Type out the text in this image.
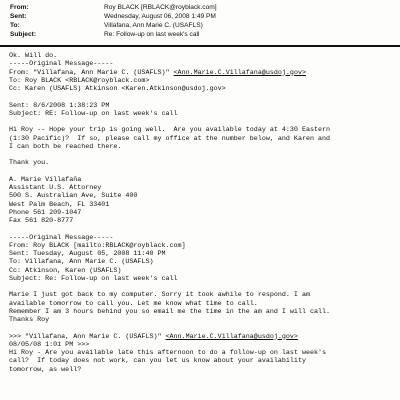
From:	Roy BLACK [RBLACK@royblack.com]
Sent:	Wednesday, August 06, 2008 1:49 PM
To:	Villafana, Ann Marie C. (USAFLS)
Subject:	Re: Follow-up on last week's call
Ok. Will do.
-----Original Message-----
From: "Villafana, Ann Marie C. (USAFLS)" <Ann.Marie.C.Villafana@usdoj.gov>
To: Roy BLACK <RBLACK@royblack.com>
Cc: Karen (USAFLS) Atkinson <Karen.Atkinson@usdoj.gov>
Sent: 8/6/2008 1:38:23 PM
Subject: RE: Follow-up on last week's call
Hi Roy -- Hope your trip is going well.  Are you available today at 4:30 Eastern
(1:30 Pacific)?  If so, please call my office at the number below, and Karen and
I can both be reached there.
Thank you.
A. Marie Villafaña
Assistant U.S. Attorney
500 S. Australian Ave, Suite 400
West Palm Beach, FL 33401
Phone 561 209-1047
Fax 561 820-8777
-----Original Message-----
From: Roy BLACK [mailto:RBLACK@royblack.com]
Sent: Tuesday, August 05, 2008 11:40 PM
To: Villafana, Ann Marie C. (USAFLS)
Cc: Atkinson, Karen (USAFLS)
Subject: Re: Follow-up on last week's call
Marie I just got back to my computer. Sorry it took awhile to respond. I am
available tomorrow to call you. Let me know what time to call.
Remember I am 3 hours behind you so email me the time in the am and I will call.
Thanks Roy
>>> "Villafana, Ann Marie C. (USAFLS)" <Ann.Marie.C.Villafana@usdoj.gov>
08/05/08 1:01 PM >>>
Hi Roy - Are you available late this afternoon to do a follow-up on last week's
call?  If today does not work, can you let us know about your availability
tomorrow, as well?
